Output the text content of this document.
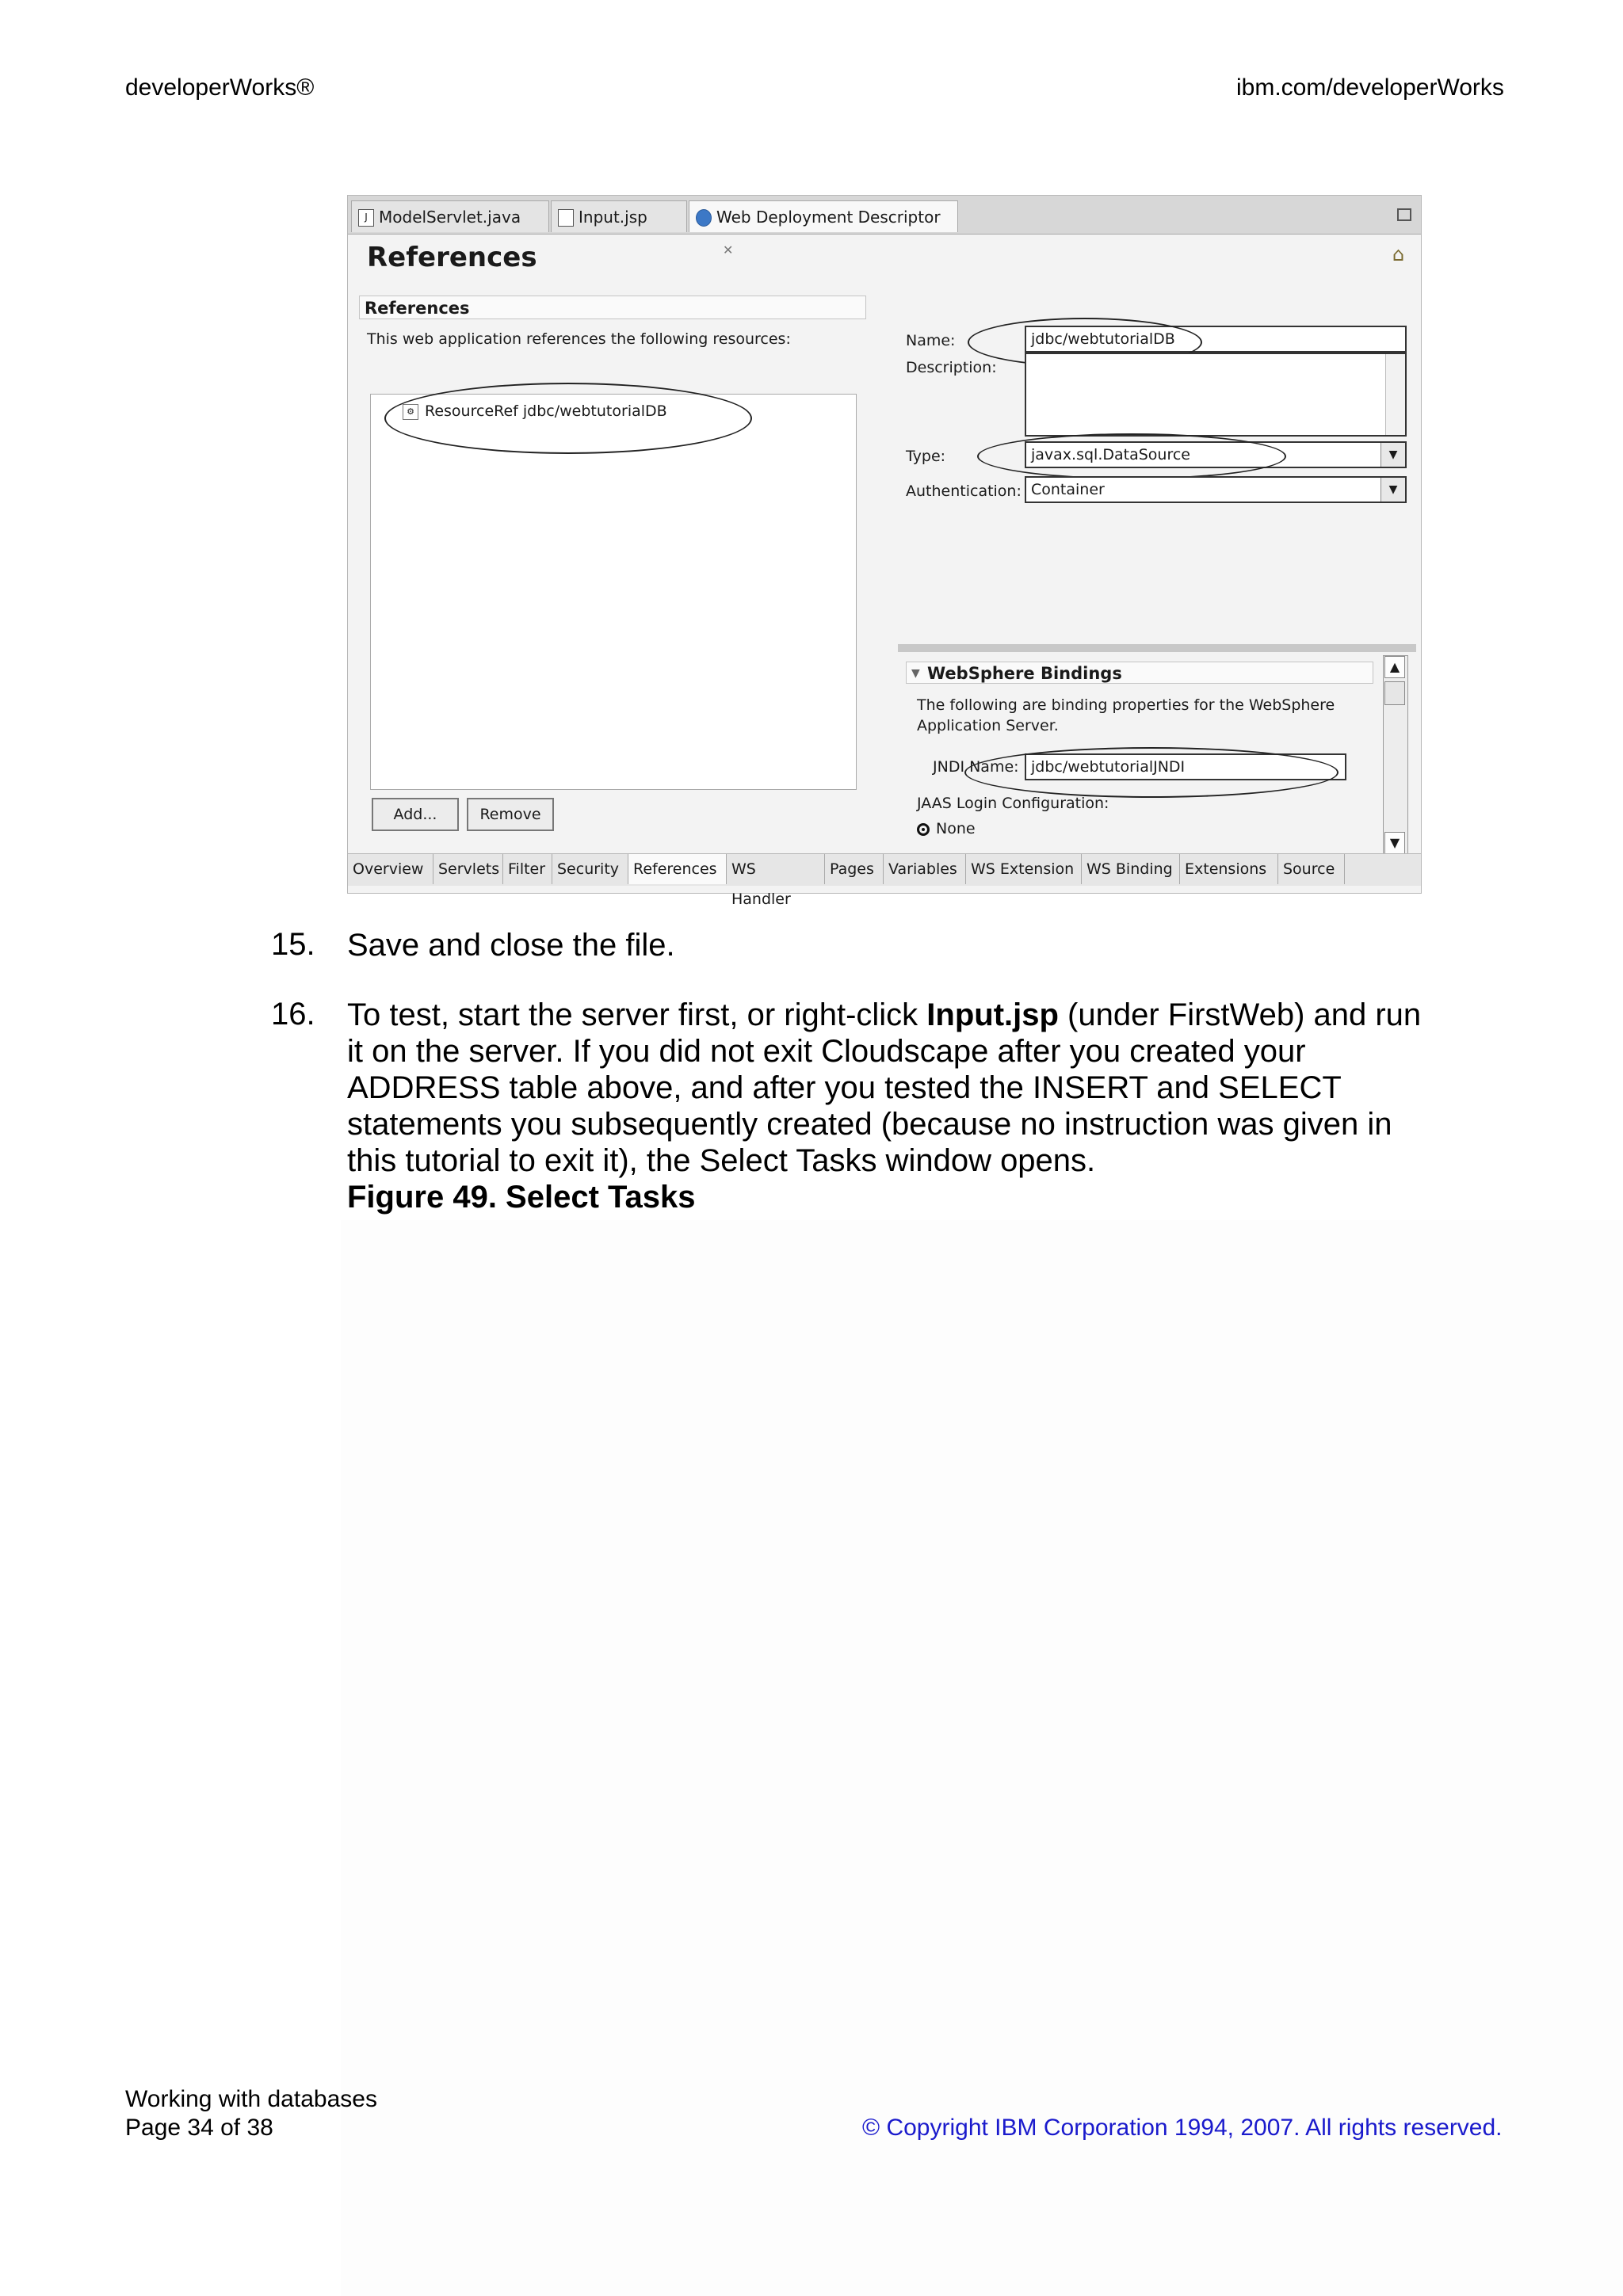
developerWorks®	ibm.com/developerWorks
J ModelServlet.java	Input.jsp	Web Deployment Descriptor ✕
References	⌂
References
This web application references the following resources:
⚙ ResourceRef jdbc/webtutorialDB
Add...	Remove
Name:	jdbc/webtutorialDB
Description:
Type:	javax.sql.DataSource	▼
Authentication: Container	▼
▼ WebSphere Bindings
The following are binding properties for the WebSphere Application Server.
JNDI Name: jdbc/webtutorialJNDI
JAAS Login Configuration:
None
▲
▼
Overview Servlets Filter Security References WS Handler
Pages Variables WS Extension WS Binding Extensions	Source
15. Save and close the file.
16. To test, start the server first, or right-click Input.jsp (under FirstWeb) and run it on the server. If you did not exit Cloudscape after you created your ADDRESS table above, and after you tested the INSERT and SELECT statements you subsequently created (because no instruction was given in this tutorial to exit it), the Select Tasks window opens.
Figure 49. Select Tasks
Working with databases
Page 34 of 38	© Copyright IBM Corporation 1994, 2007. All rights reserved.
